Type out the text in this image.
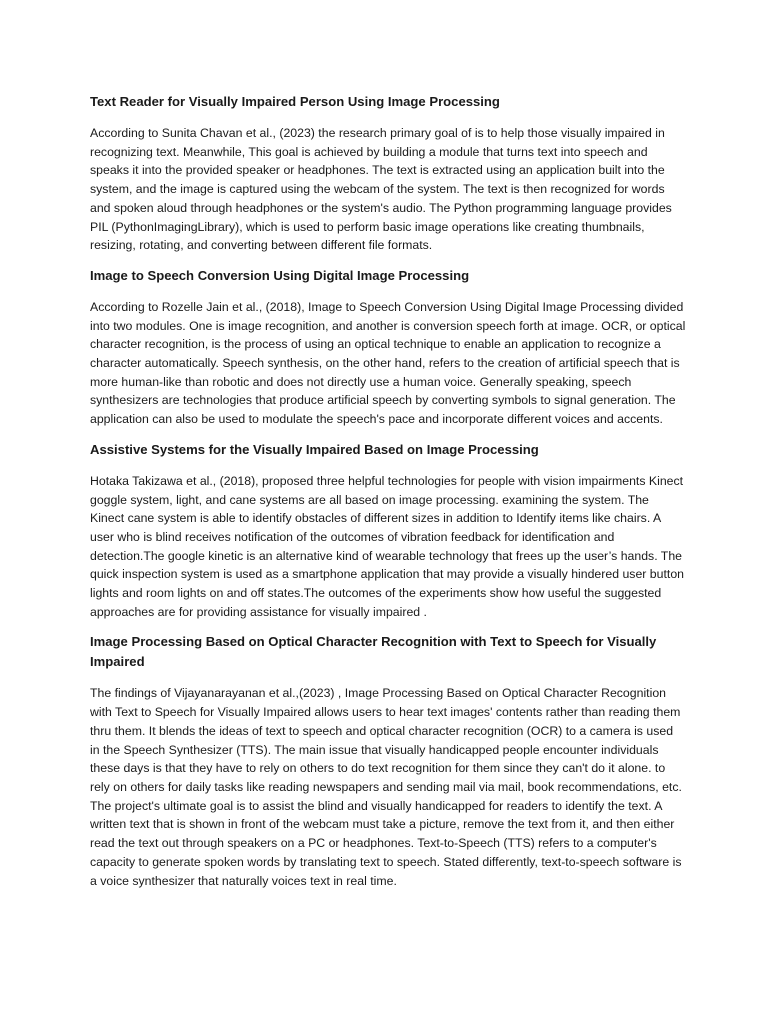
Text Reader for Visually Impaired Person Using Image Processing
According to Sunita Chavan et al., (2023) the research primary goal of is to help those visually impaired in recognizing text. Meanwhile, This goal is achieved by building a module that turns text into speech and speaks it into the provided speaker or headphones. The text is extracted using an application built into the system, and the image is captured using the webcam of the system. The text is then recognized for words and spoken aloud through headphones or the system's audio. The Python programming language provides PIL (PythonImagingLibrary), which is used to perform basic image operations like creating thumbnails, resizing, rotating, and converting between different file formats.
Image to Speech Conversion Using Digital Image Processing
According to Rozelle Jain et al., (2018), Image to Speech Conversion Using Digital Image Processing divided into two modules. One is image recognition, and another is conversion speech forth at image. OCR, or optical character recognition, is the process of using an optical technique to enable an application to recognize a character automatically. Speech synthesis, on the other hand, refers to the creation of artificial speech that is more human-like than robotic and does not directly use a human voice. Generally speaking, speech synthesizers are technologies that produce artificial speech by converting symbols to signal generation. The application can also be used to modulate the speech's pace and incorporate different voices and accents.
Assistive Systems for the Visually Impaired Based on Image Processing
Hotaka Takizawa et al., (2018), proposed three helpful technologies for people with vision impairments Kinect goggle system, light, and cane systems are all based on image processing. examining the system. The Kinect cane system is able to identify obstacles of different sizes in addition to Identify items like chairs. A user who is blind receives notification of the outcomes of vibration feedback for identification and detection.The google kinetic is an alternative kind of wearable technology that frees up the user’s hands. The quick inspection system is used as a smartphone application that may provide a visually hindered user button lights and room lights on and off states.The outcomes of the experiments show how useful the suggested approaches are for providing assistance for visually impaired .
Image Processing Based on Optical Character Recognition with Text to Speech for Visually Impaired
The findings of Vijayanarayanan et al.,(2023) , Image Processing Based on Optical Character Recognition with Text to Speech for Visually Impaired allows users to hear text images' contents rather than reading them thru them. It blends the ideas of text to speech and optical character recognition (OCR) to a camera is used in the Speech Synthesizer (TTS). The main issue that visually handicapped people encounter individuals these days is that they have to rely on others to do text recognition for them since they can't do it alone. to rely on others for daily tasks like reading newspapers and sending mail via mail, book recommendations, etc. The project's ultimate goal is to assist the blind and visually handicapped for readers to identify the text. A written text that is shown in front of the webcam must take a picture, remove the text from it, and then either read the text out through speakers on a PC or headphones. Text-to-Speech (TTS) refers to a computer's capacity to generate spoken words by translating text to speech. Stated differently, text-to-speech software is a voice synthesizer that naturally voices text in real time.
